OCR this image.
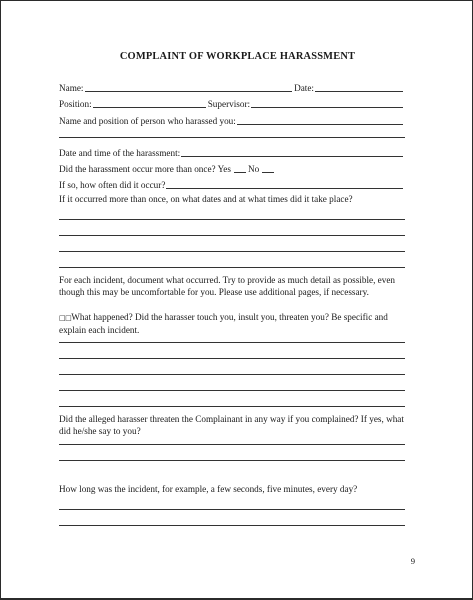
COMPLAINT OF WORKPLACE HARASSMENT
Name:	Date:
Position:	Supervisor:
Name and position of person who harassed you:
Date and time of the harassment:
Did the harassment occur more than once? Yes No
If so, how often did it occur?
If it occurred more than once, on what dates and at what times did it take place?
For each incident, document what occurred. Try to provide as much detail as possible, even though this may be uncomfortable for you. Please use additional pages, if necessary.
□□What happened? Did the harasser touch you, insult you, threaten you? Be specific and explain each incident.
Did the alleged harasser threaten the Complainant in any way if you complained? If yes, what did he/she say to you?
How long was the incident, for example, a few seconds, five minutes, every day?
9
